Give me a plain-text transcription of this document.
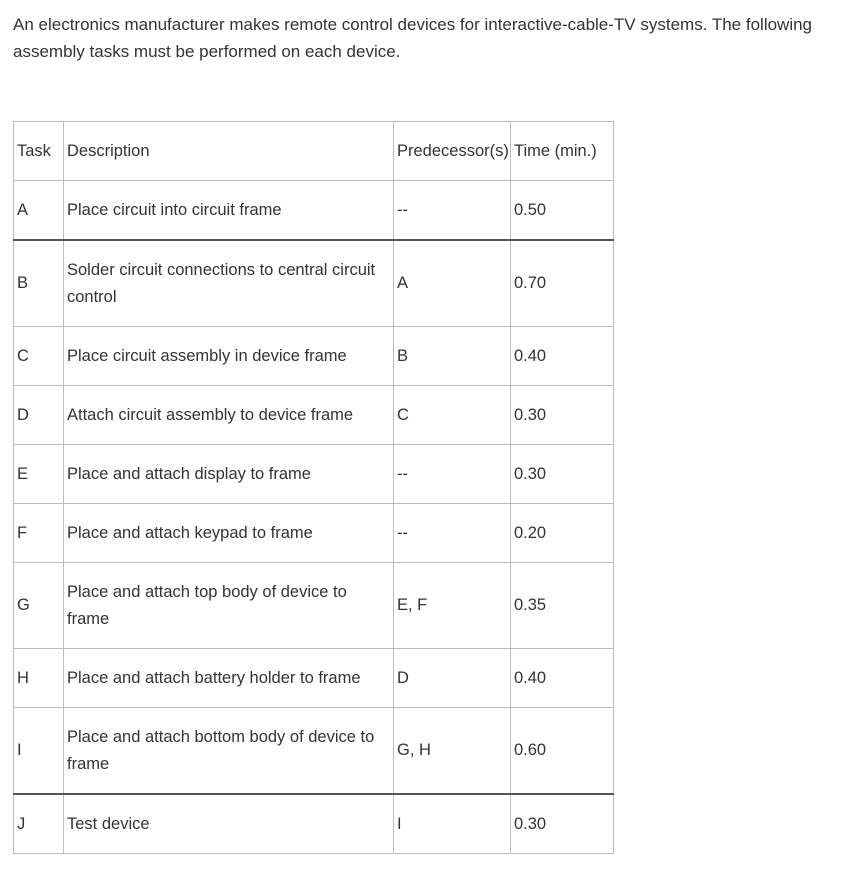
An electronics manufacturer makes remote control devices for interactive-cable-TV systems. The following assembly tasks must be performed on each device.

Task	Description	Predecessor(s)	Time (min.)
A	Place circuit into circuit frame	--	0.50
B	Solder circuit connections to central circuit control	A	0.70
C	Place circuit assembly in device frame	B	0.40
D	Attach circuit assembly to device frame	C	0.30
E	Place and attach display to frame	--	0.30
F	Place and attach keypad to frame	--	0.20
G	Place and attach top body of device to frame	E, F	0.35
H	Place and attach battery holder to frame	D	0.40
I	Place and attach bottom body of device to frame	G, H	0.60
J	Test device	I	0.30
